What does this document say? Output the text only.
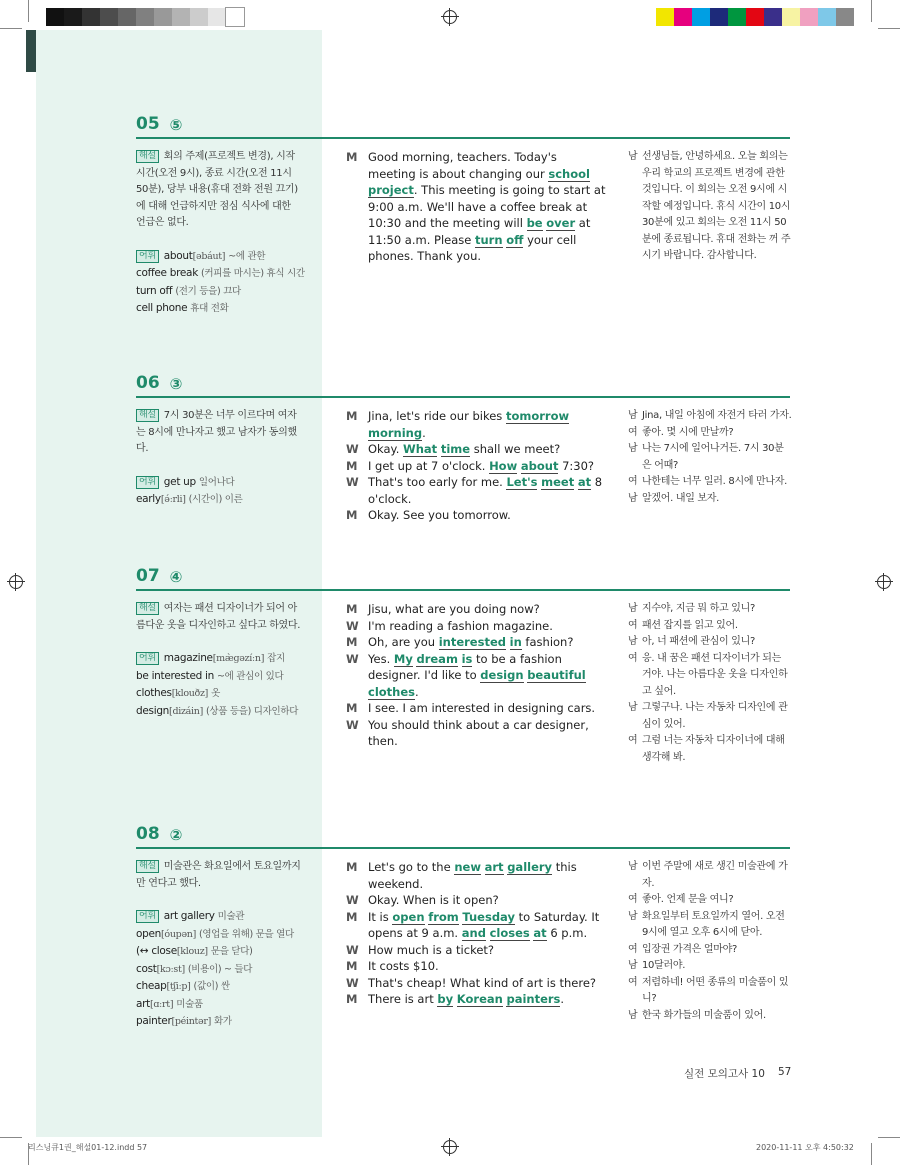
05 ⑤
해설 회의 주제(프로젝트 변경), 시작 시간(오전 9시), 종료 시간(오전 11시 50분), 당부 내용(휴대 전화 전원 끄기)에 대해 언급하지만 점심 식사에 대한 언급은 없다.
어휘 about[əbáut] ~에 관한
coffee break (커피를 마시는) 휴식 시간
turn off (전기 등을) 끄다
cell phone 휴대 전화
M Good morning, teachers. Today's meeting is about changing our school project. This meeting is going to start at 9:00 a.m. We'll have a coffee break at 10:30 and the meeting will be over at 11:50 a.m. Please turn off your cell phones. Thank you.
남 선생님들, 안녕하세요. 오늘 회의는 우리 학교의 프로젝트 변경에 관한 것입니다. 이 회의는 오전 9시에 시작할 예정입니다. 휴식 시간이 10시 30분에 있고 회의는 오전 11시 50분에 종료됩니다. 휴대 전화는 꺼 주시기 바랍니다. 감사합니다.
06 ③
해설 7시 30분은 너무 이르다며 여자는 8시에 만나자고 했고 남자가 동의했다.
어휘 get up 일어나다
early[ə́ːrli] (시간이) 이른
M Jina, let's ride our bikes tomorrow morning.
W Okay. What time shall we meet?
M I get up at 7 o'clock. How about 7:30?
W That's too early for me. Let's meet at 8 o'clock.
M Okay. See you tomorrow.
남 Jina, 내일 아침에 자전거 타러 가자.
여 좋아. 몇 시에 만날까?
남 나는 7시에 일어나거든. 7시 30분은 어때?
여 나한테는 너무 일러. 8시에 만나자.
남 알겠어. 내일 보자.
07 ④
해설 여자는 패션 디자이너가 되어 아름다운 옷을 디자인하고 싶다고 하였다.
어휘 magazine[mæ̀gəzíːn] 잡지
be interested in ~에 관심이 있다
clothes[klouðz] 옷
design[dizáin] (상품 등을) 디자인하다
M Jisu, what are you doing now?
W I'm reading a fashion magazine.
M Oh, are you interested in fashion?
W Yes. My dream is to be a fashion designer. I'd like to design beautiful clothes.
M I see. I am interested in designing cars.
W You should think about a car designer, then.
남 지수야, 지금 뭐 하고 있니?
여 패션 잡지를 읽고 있어.
남 아, 너 패션에 관심이 있니?
여 응. 내 꿈은 패션 디자이너가 되는 거야. 나는 아름다운 옷을 디자인하고 싶어.
남 그렇구나. 나는 자동차 디자인에 관심이 있어.
여 그럼 너는 자동차 디자이너에 대해 생각해 봐.
08 ②
해설 미술관은 화요일에서 토요일까지만 연다고 했다.
어휘 art gallery 미술관
open[óupən] (영업을 위해) 문을 열다
(↔ close[klouz] 문을 닫다)
cost[kɔːst] (비용이) ~ 들다
cheap[tʃiːp] (값이) 싼
art[ɑːrt] 미술품
painter[péintər] 화가
M Let's go to the new art gallery this weekend.
W Okay. When is it open?
M It is open from Tuesday to Saturday. It opens at 9 a.m. and closes at 6 p.m.
W How much is a ticket?
M It costs $10.
W That's cheap! What kind of art is there?
M There is art by Korean painters.
남 이번 주말에 새로 생긴 미술관에 가자.
여 좋아. 언제 문을 여니?
남 화요일부터 토요일까지 열어. 오전 9시에 열고 오후 6시에 닫아.
여 입장권 가격은 얼마야?
남 10달러야.
여 저렴하네! 어떤 종류의 미술품이 있니?
남 한국 화가들의 미술품이 있어.
실전 모의고사 10 57
리스닝큐1권_해설01-12.indd 57	2020-11-11 오후 4:50:32
